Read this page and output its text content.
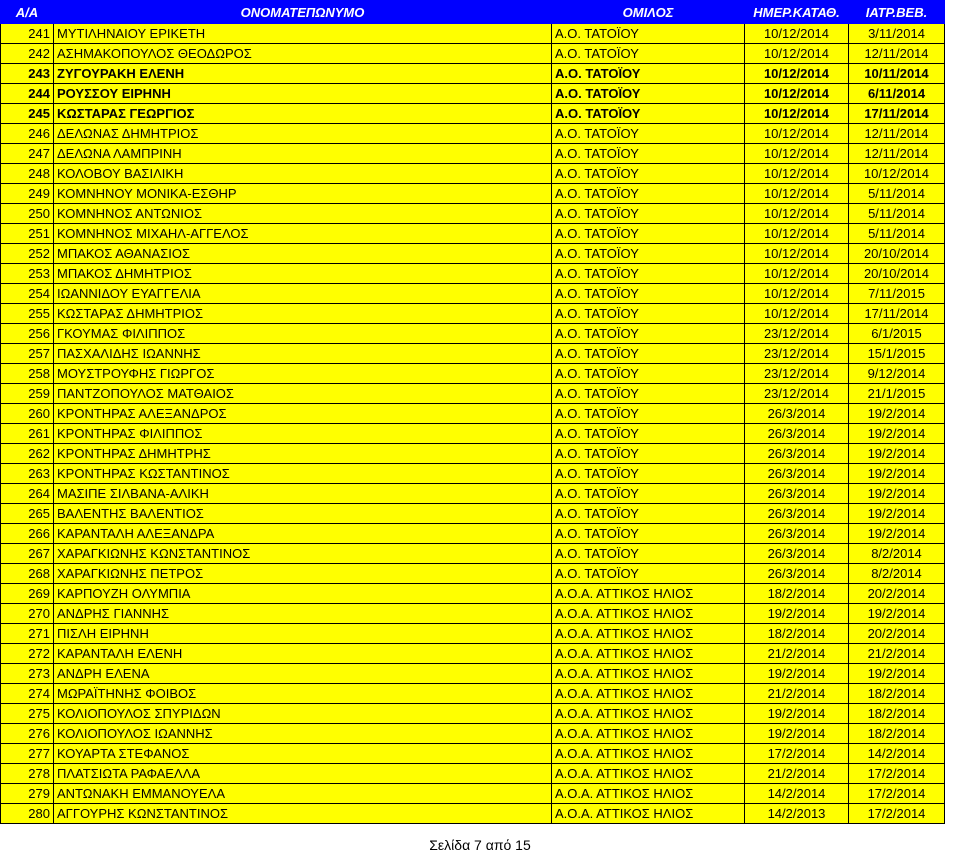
Α/Α	ΟΝΟΜΑΤΕΠΩΝΥΜΟ	ΟΜΙΛΟΣ	ΗΜΕΡ.ΚΑΤΑΘ.	ΙΑΤΡ.ΒΕΒ.
241	ΜΥΤΙΛΗΝΑΙΟΥ ΕΡΙΚΕΤΗ	Α.Ο. ΤΑΤΟΪΟΥ	10/12/2014	3/11/2014
242	ΑΣΗΜΑΚΟΠΟΥΛΟΣ ΘΕΟΔΩΡΟΣ	Α.Ο. ΤΑΤΟΪΟΥ	10/12/2014	12/11/2014
243	ΖΥΓΟΥΡΑΚΗ ΕΛΕΝΗ	Α.Ο. ΤΑΤΟΪΟΥ	10/12/2014	10/11/2014
244	ΡΟΥΣΣΟΥ ΕΙΡΗΝΗ	Α.Ο. ΤΑΤΟΪΟΥ	10/12/2014	6/11/2014
245	ΚΩΣΤΑΡΑΣ ΓΕΩΡΓΙΟΣ	Α.Ο. ΤΑΤΟΪΟΥ	10/12/2014	17/11/2014
246	ΔΕΛΩΝΑΣ ΔΗΜΗΤΡΙΟΣ	Α.Ο. ΤΑΤΟΪΟΥ	10/12/2014	12/11/2014
247	ΔΕΛΩΝΑ ΛΑΜΠΡΙΝΗ	Α.Ο. ΤΑΤΟΪΟΥ	10/12/2014	12/11/2014
248	ΚΟΛΟΒΟΥ ΒΑΣΙΛΙΚΗ	Α.Ο. ΤΑΤΟΪΟΥ	10/12/2014	10/12/2014
249	ΚΟΜΝΗΝΟΥ ΜΟΝΙΚΑ-ΕΣΘΗΡ	Α.Ο. ΤΑΤΟΪΟΥ	10/12/2014	5/11/2014
250	ΚΟΜΝΗΝΟΣ ΑΝΤΩΝΙΟΣ	Α.Ο. ΤΑΤΟΪΟΥ	10/12/2014	5/11/2014
251	ΚΟΜΝΗΝΟΣ ΜΙΧΑΗΛ-ΑΓΓΕΛΟΣ	Α.Ο. ΤΑΤΟΪΟΥ	10/12/2014	5/11/2014
252	ΜΠΑΚΟΣ ΑΘΑΝΑΣΙΟΣ	Α.Ο. ΤΑΤΟΪΟΥ	10/12/2014	20/10/2014
253	ΜΠΑΚΟΣ ΔΗΜΗΤΡΙΟΣ	Α.Ο. ΤΑΤΟΪΟΥ	10/12/2014	20/10/2014
254	ΙΩΑΝΝΙΔΟΥ ΕΥΑΓΓΕΛΙΑ	Α.Ο. ΤΑΤΟΪΟΥ	10/12/2014	7/11/2015
255	ΚΩΣΤΑΡΑΣ ΔΗΜΗΤΡΙΟΣ	Α.Ο. ΤΑΤΟΪΟΥ	10/12/2014	17/11/2014
256	ΓΚΟΥΜΑΣ ΦΙΛΙΠΠΟΣ	Α.Ο. ΤΑΤΟΪΟΥ	23/12/2014	6/1/2015
257	ΠΑΣΧΑΛΙΔΗΣ ΙΩΑΝΝΗΣ	Α.Ο. ΤΑΤΟΪΟΥ	23/12/2014	15/1/2015
258	ΜΟΥΣΤΡΟΥΦΗΣ ΓΙΩΡΓΟΣ	Α.Ο. ΤΑΤΟΪΟΥ	23/12/2014	9/12/2014
259	ΠΑΝΤΖΟΠΟΥΛΟΣ ΜΑΤΘΑΙΟΣ	Α.Ο. ΤΑΤΟΪΟΥ	23/12/2014	21/1/2015
260	ΚΡΟΝΤΗΡΑΣ ΑΛΕΞΑΝΔΡΟΣ	Α.Ο. ΤΑΤΟΪΟΥ	26/3/2014	19/2/2014
261	ΚΡΟΝΤΗΡΑΣ ΦΙΛΙΠΠΟΣ	Α.Ο. ΤΑΤΟΪΟΥ	26/3/2014	19/2/2014
262	ΚΡΟΝΤΗΡΑΣ ΔΗΜΗΤΡΗΣ	Α.Ο. ΤΑΤΟΪΟΥ	26/3/2014	19/2/2014
263	ΚΡΟΝΤΗΡΑΣ ΚΩΣΤΑΝΤΙΝΟΣ	Α.Ο. ΤΑΤΟΪΟΥ	26/3/2014	19/2/2014
264	ΜΑΣΙΠΕ ΣΙΛΒΑΝΑ-ΑΛΙΚΗ	Α.Ο. ΤΑΤΟΪΟΥ	26/3/2014	19/2/2014
265	ΒΑΛΕΝΤΗΣ ΒΑΛΕΝΤΙΟΣ	Α.Ο. ΤΑΤΟΪΟΥ	26/3/2014	19/2/2014
266	ΚΑΡΑΝΤΑΛΗ ΑΛΕΞΑΝΔΡΑ	Α.Ο. ΤΑΤΟΪΟΥ	26/3/2014	19/2/2014
267	ΧΑΡΑΓΚΙΩΝΗΣ ΚΩΝΣΤΑΝΤΙΝΟΣ	Α.Ο. ΤΑΤΟΪΟΥ	26/3/2014	8/2/2014
268	ΧΑΡΑΓΚΙΩΝΗΣ ΠΕΤΡΟΣ	Α.Ο. ΤΑΤΟΪΟΥ	26/3/2014	8/2/2014
269	ΚΑΡΠΟΥΖΗ ΟΛΥΜΠΙΑ	Α.Ο.Α. ΑΤΤΙΚΟΣ ΗΛΙΟΣ	18/2/2014	20/2/2014
270	ΑΝΔΡΗΣ ΓΙΑΝΝΗΣ	Α.Ο.Α. ΑΤΤΙΚΟΣ ΗΛΙΟΣ	19/2/2014	19/2/2014
271	ΠΙΣΛΗ ΕΙΡΗΝΗ	Α.Ο.Α. ΑΤΤΙΚΟΣ ΗΛΙΟΣ	18/2/2014	20/2/2014
272	ΚΑΡΑΝΤΑΛΗ ΕΛΕΝΗ	Α.Ο.Α. ΑΤΤΙΚΟΣ ΗΛΙΟΣ	21/2/2014	21/2/2014
273	ΑΝΔΡΗ ΕΛΕΝΑ	Α.Ο.Α. ΑΤΤΙΚΟΣ ΗΛΙΟΣ	19/2/2014	19/2/2014
274	ΜΩΡΑΪΤΗΝΗΣ ΦΟΙΒΟΣ	Α.Ο.Α. ΑΤΤΙΚΟΣ ΗΛΙΟΣ	21/2/2014	18/2/2014
275	ΚΟΛΙΟΠΟΥΛΟΣ ΣΠΥΡΙΔΩΝ	Α.Ο.Α. ΑΤΤΙΚΟΣ ΗΛΙΟΣ	19/2/2014	18/2/2014
276	ΚΟΛΙΟΠΟΥΛΟΣ ΙΩΑΝΝΗΣ	Α.Ο.Α. ΑΤΤΙΚΟΣ ΗΛΙΟΣ	19/2/2014	18/2/2014
277	ΚΟΥΑΡΤΑ ΣΤΕΦΑΝΟΣ	Α.Ο.Α. ΑΤΤΙΚΟΣ ΗΛΙΟΣ	17/2/2014	14/2/2014
278	ΠΛΑΤΣΙΩΤΑ ΡΑΦΑΕΛΛΑ	Α.Ο.Α. ΑΤΤΙΚΟΣ ΗΛΙΟΣ	21/2/2014	17/2/2014
279	ΑΝΤΩΝΑΚΗ ΕΜΜΑΝΟΥΕΛΑ	Α.Ο.Α. ΑΤΤΙΚΟΣ ΗΛΙΟΣ	14/2/2014	17/2/2014
280	ΑΓΓΟΥΡΗΣ ΚΩΝΣΤΑΝΤΙΝΟΣ	Α.Ο.Α. ΑΤΤΙΚΟΣ ΗΛΙΟΣ	14/2/2013	17/2/2014
Σελίδα 7 από 15
